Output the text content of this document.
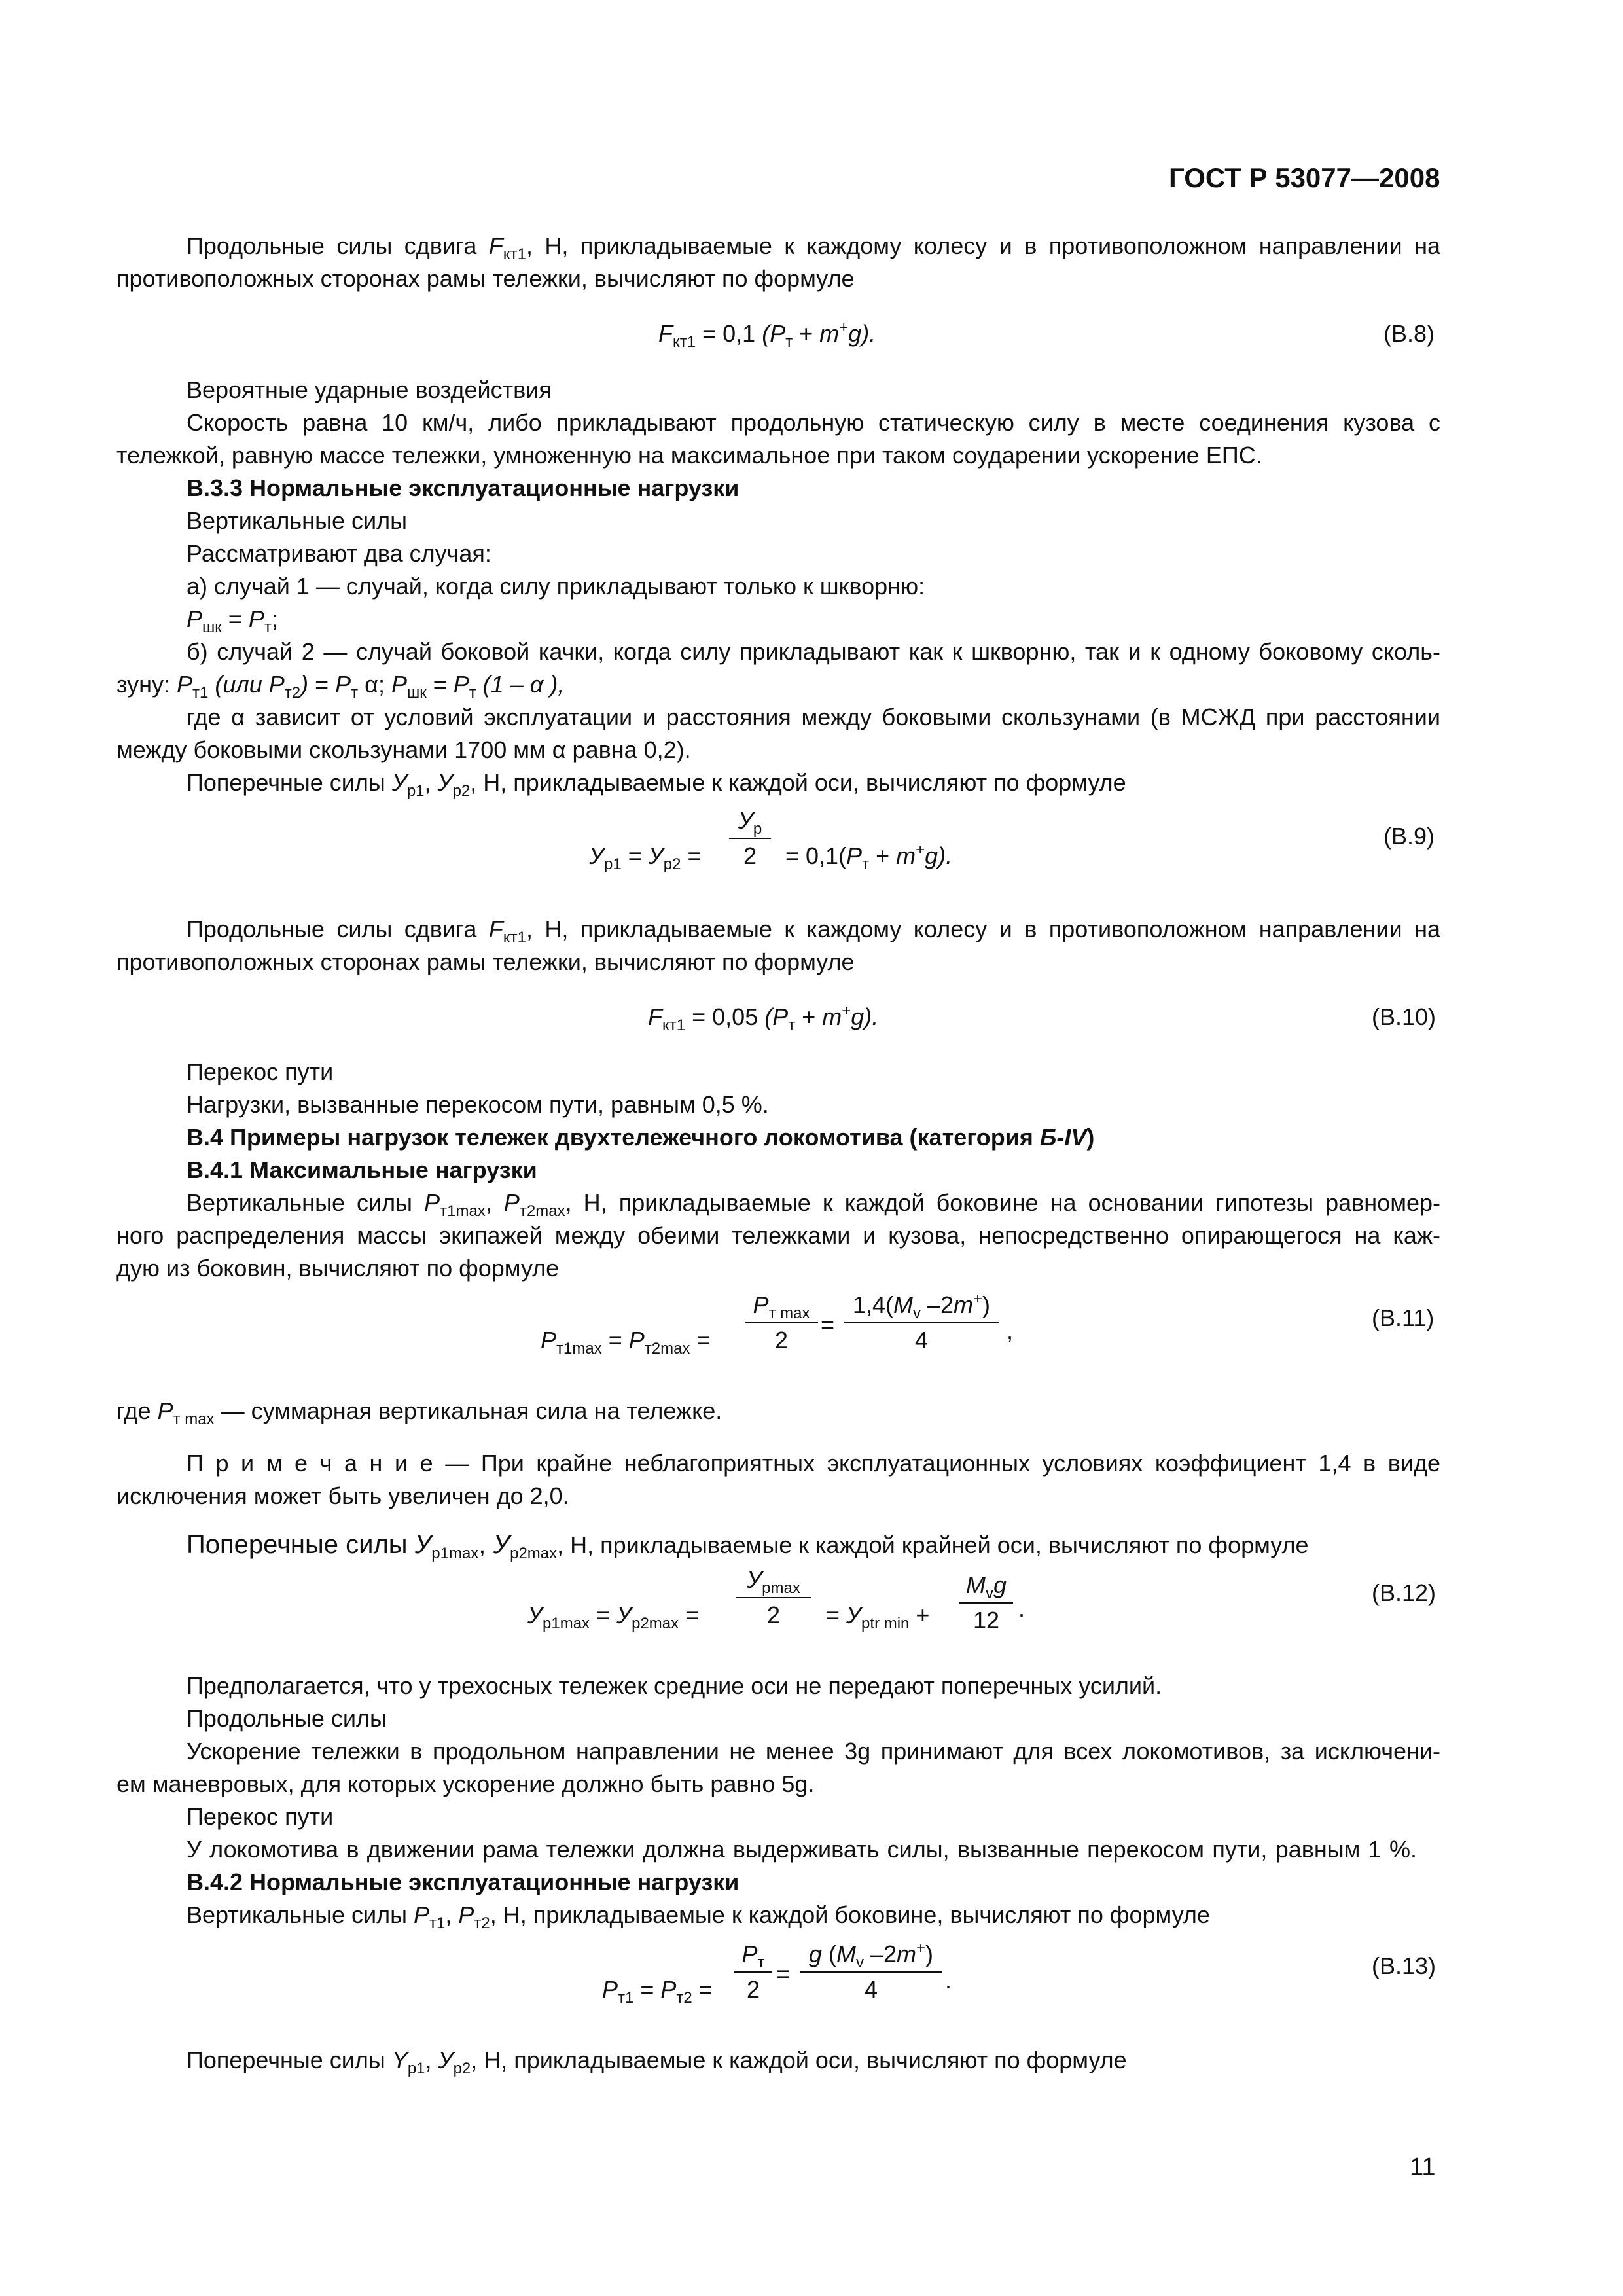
ГОСТ Р 53077—2008
Продольные силы сдвига $F_{кт1}$, Н, прикладываемые к каждому колесу и в противоположном направлении на
противоположных сторонах рамы тележки, вычисляют по формуле
$F_{кт1} = 0,1$ $(P_т + m^+g)$.	(В.8)
Вероятные ударные воздействия
Скорость равна 10 км/ч, либо прикладывают продольную статическую силу в месте соединения кузова с
тележкой, равную массе тележки, умноженную на максимальное при таком соударении ускорение ЕПС.
В.3.3 Нормальные эксплуатационные нагрузки
Вертикальные силы
Рассматривают два случая:
а) случай 1 — случай, когда силу прикладывают только к шкворню:
$P_{шк} = P_т$;
б) случай 2 — случай боковой качки, когда силу прикладывают как к шкворню, так и к одному боковому сколь-
зуну: $P_{т1}$ (или $P_{т2}) = P_т$ α; $P_{шк} = P_т$ (1 – α ),
где α зависит от условий эксплуатации и расстояния между боковыми скользунами (в МСЖД при расстоянии
между боковыми скользунами 1700 мм α равна 0,2).
Поперечные силы $У_{р1}$, $У_{р2}$, Н, прикладываемые к каждой оси, вычисляют по формуле
$У_{р1} = У_{р2}$ =
$У_р$
2	= $0,1(P_т + m^+g)$.
(В.9)
Продольные силы сдвига $F_{кт1}$, Н, прикладываемые к каждому колесу и в противоположном направлении на
противоположных сторонах рамы тележки, вычисляют по формуле
$F_{кт1} = 0,05$ $(P_т + m^+g)$.	(В.10)
Перекос пути
Нагрузки, вызванные перекосом пути, равным 0,5 %.
В.4 Примеры нагрузок тележек двухтележечного локомотива (категория Б-IV)
В.4.1 Максимальные нагрузки
Вертикальные силы $P_{т1max}$, $P_{т2max}$, Н, прикладываемые к каждой боковине на основании гипотезы равномер-
ного распределения массы экипажей между обеими тележками и кузова, непосредственно опирающегося на каж-
дую из боковин, вычисляют по формуле
$P_{т1max} = P_{т2max}$ =
$P_{т max}$
2
=
$1,4(M_v$ –2m+)
4	,	(В.11)
где $P_{т max}$ — суммарная вертикальная сила на тележке.
П р и м е ч а н и е — При крайне неблагоприятных эксплуатационных условиях коэффициент 1,4 в виде
исключения может быть увеличен до 2,0.
Поперечные силы $У_{р1max}$, $У_{р2max}$, Н, прикладываемые к каждой крайней оси, вычисляют по формуле
$У_{р1max} = У_{р2max}$ =
$У_{pmax}$
2	= $У_{ptr min}$ +
$M_vg$
12 .
(В.12)
Предполагается, что у трехосных тележек средние оси не передают поперечных усилий.
Продольные силы
Ускорение тележки в продольном направлении не менее 3g принимают для всех локомотивов, за исключени-
ем маневровых, для которых ускорение должно быть равно 5g.
Перекос пути
У локомотива в движении рама тележки должна выдерживать силы, вызванные перекосом пути, равным 1 %.
В.4.2 Нормальные эксплуатационные нагрузки
Вертикальные силы $P_{т1}$, $P_{т2}$, Н, прикладываемые к каждой боковине, вычисляют по формуле
$P_{т1} = P_{т2}$ =
$P_т$
2
=
g ($M_v$ –2m+)
4	.
(В.13)
Поперечные силы $Y_{р1}$, $У_{р2}$, Н, прикладываемые к каждой оси, вычисляют по формуле
11
